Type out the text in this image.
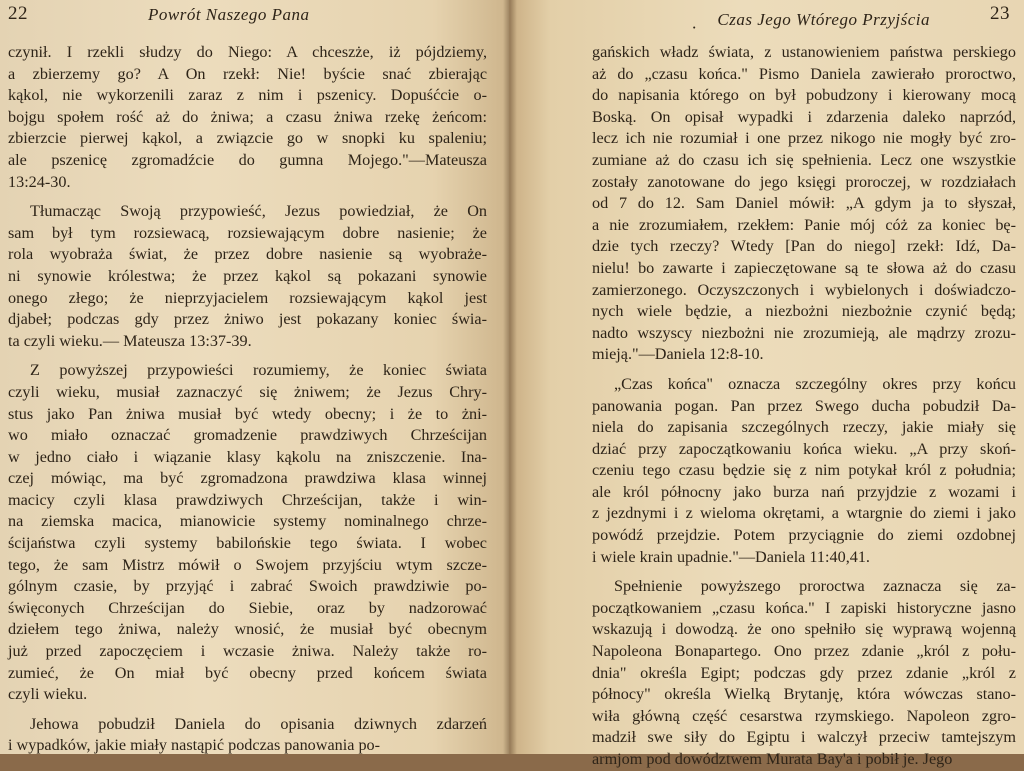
22	Powrót Naszego Pana
czynił. I rzekli słudzy do Niego: A chceszże, iż pójdziemy,
a zbierzemy go? A On rzekł: Nie! byście snać zbierając
kąkol, nie wykorzenili zaraz z nim i pszenicy. Dopuśćcie o-
bojgu społem rość aż do żniwa; a czasu żniwa rzekę żeńcom:
zbierzcie pierwej kąkol, a związcie go w snopki ku spaleniu;
ale pszenicę zgromadźcie do gumna Mojego."—Mateusza
13:24-30.
Tłumacząc Swoją przypowieść, Jezus powiedział, że On
sam był tym rozsiewacą, rozsiewającym dobre nasienie; że
rola wyobraża świat, że przez dobre nasienie są wyobraże-
ni synowie królestwa; że przez kąkol są pokazani synowie
onego złego; że nieprzyjacielem rozsiewającym kąkol jest
djabeł; podczas gdy przez żniwo jest pokazany koniec świa-
ta czyli wieku.— Mateusza 13:37-39.
Z powyższej przypowieści rozumiemy, że koniec świata
czyli wieku, musiał zaznaczyć się żniwem; że Jezus Chry-
stus jako Pan żniwa musiał być wtedy obecny; i że to żni-
wo miało oznaczać gromadzenie prawdziwych Chrześcijan
w jedno ciało i wiązanie klasy kąkolu na zniszczenie. Ina-
czej mówiąc, ma być zgromadzona prawdziwa klasa winnej
macicy czyli klasa prawdziwych Chrześcijan, także i win-
na ziemska macica, mianowicie systemy nominalnego chrze-
ścijaństwa czyli systemy babilońskie tego świata. I wobec
tego, że sam Mistrz mówił o Swojem przyjściu wtym szcze-
gólnym czasie, by przyjąć i zabrać Swoich prawdziwie po-
święconych Chrześcijan do Siebie, oraz by nadzorować
dziełem tego żniwa, należy wnosić, że musiał być obecnym
już przed zapoczęciem i wczasie żniwa. Należy także ro-
zumieć, że On miał być obecny przed końcem świata
czyli wieku.
Jehowa pobudził Daniela do opisania dziwnych zdarzeń
i wypadków, jakie miały nastąpić podczas panowania po-
· Czas Jego Wtórego Przyjścia	23
gańskich władz świata, z ustanowieniem państwa perskiego
aż do „czasu końca." Pismo Daniela zawierało proroctwo,
do napisania którego on był pobudzony i kierowany mocą
Boską. On opisał wypadki i zdarzenia daleko naprzód,
lecz ich nie rozumiał i one przez nikogo nie mogły być zro-
zumiane aż do czasu ich się spełnienia. Lecz one wszystkie
zostały zanotowane do jego księgi proroczej, w rozdziałach
od 7 do 12. Sam Daniel mówił: „A gdym ja to słyszał,
a nie zrozumiałem, rzekłem: Panie mój cóż za koniec bę-
dzie tych rzeczy? Wtedy [Pan do niego] rzekł: Idź, Da-
nielu! bo zawarte i zapieczętowane są te słowa aż do czasu
zamierzonego. Oczyszczonych i wybielonych i doświadczo-
nych wiele będzie, a niezbożni niezbożnie czynić będą;
nadto wszyscy niezbożni nie zrozumieją, ale mądrzy zrozu-
mieją."—Daniela 12:8-10.
„Czas końca" oznacza szczególny okres przy końcu
panowania pogan. Pan przez Swego ducha pobudził Da-
niela do zapisania szczególnych rzeczy, jakie miały się
dziać przy zapoczątkowaniu końca wieku. „A przy skoń-
czeniu tego czasu będzie się z nim potykał król z południa;
ale król północny jako burza nań przyjdzie z wozami i
z jezdnymi i z wieloma okrętami, a wtargnie do ziemi i jako
powódź przejdzie. Potem przyciągnie do ziemi ozdobnej
i wiele krain upadnie."—Daniela 11:40,41.
Spełnienie powyższego proroctwa zaznacza się za-
początkowaniem „czasu końca." I zapiski historyczne jasno
wskazują i dowodzą. że ono spełniło się wyprawą wojenną
Napoleona Bonapartego. Ono przez zdanie „król z połu-
dnia" określa Egipt; podczas gdy przez zdanie „król z
północy" określa Wielką Brytanję, która wówczas stano-
wiła główną część cesarstwa rzymskiego. Napoleon zgro-
madził swe siły do Egiptu i walczył przeciw tamtejszym
armjom pod dowództwem Murata Bay'a i pobił je. Jego
